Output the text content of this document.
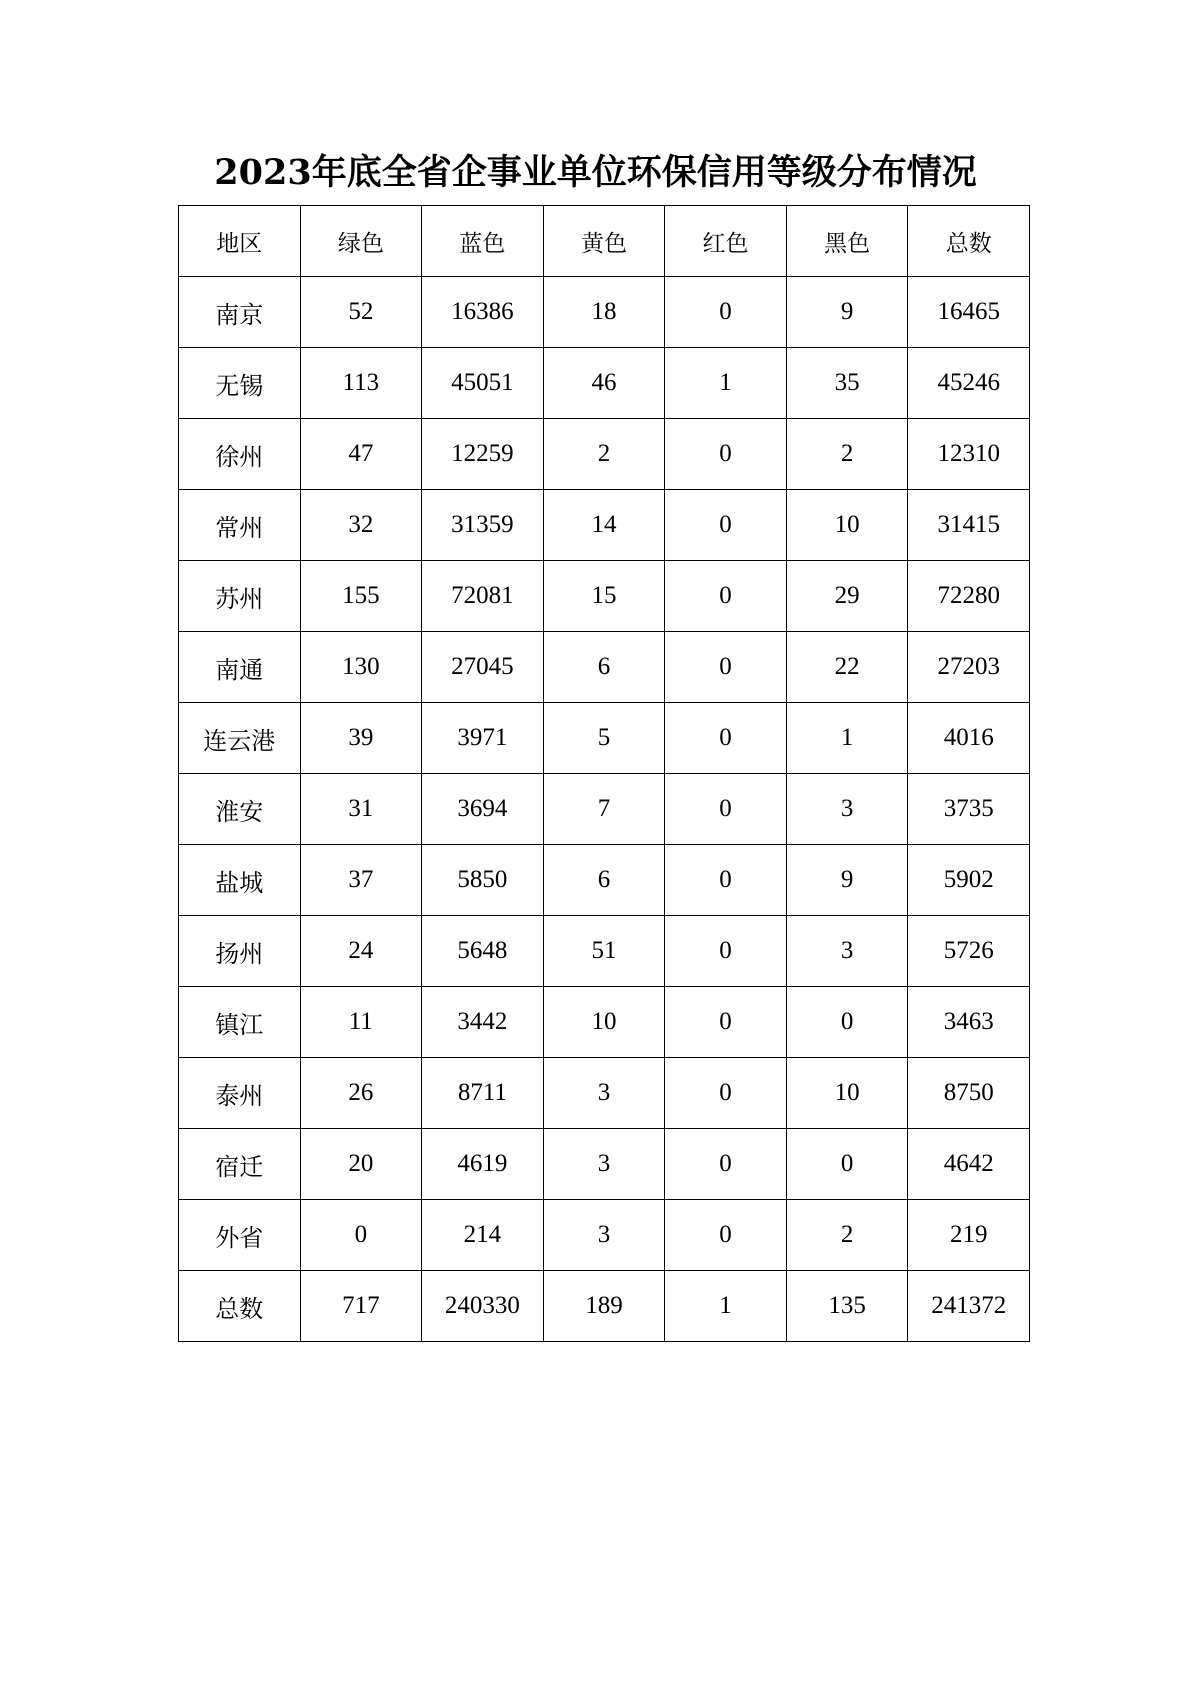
2023年底全省企事业单位环保信用等级分布情况
地区	绿色	蓝色	黄色	红色	黑色	总数
南京	52	16386	18	0	9	16465
无锡	113	45051	46	1	35	45246
徐州	47	12259	2	0	2	12310
常州	32	31359	14	0	10	31415
苏州	155	72081	15	0	29	72280
南通	130	27045	6	0	22	27203
连云港	39	3971	5	0	1	4016
淮安	31	3694	7	0	3	3735
盐城	37	5850	6	0	9	5902
扬州	24	5648	51	0	3	5726
镇江	11	3442	10	0	0	3463
泰州	26	8711	3	0	10	8750
宿迁	20	4619	3	0	0	4642
外省	0	214	3	0	2	219
总数	717	240330	189	1	135	241372
